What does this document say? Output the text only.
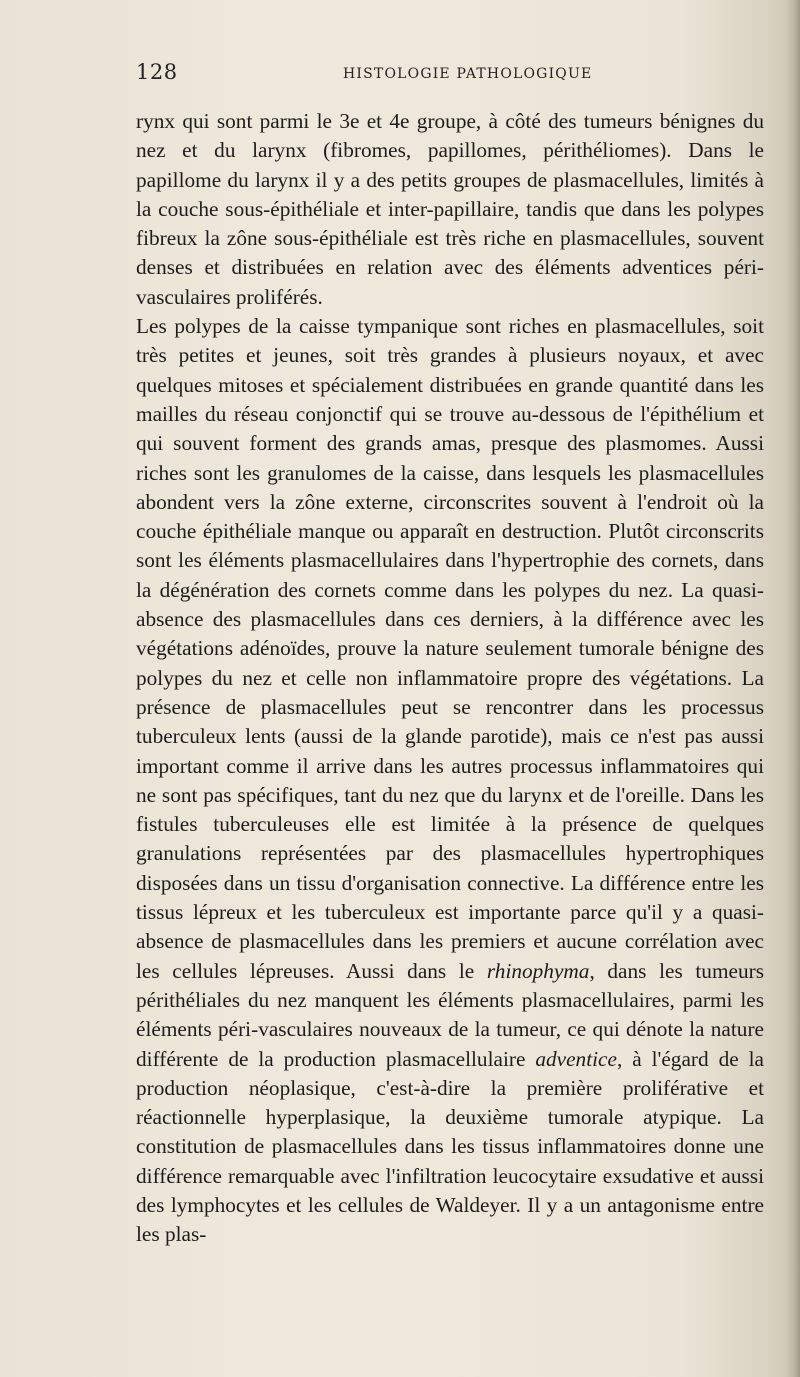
128	HISTOLOGIE PATHOLOGIQUE

rynx qui sont parmi le 3e et 4e groupe, à côté des tumeurs bénignes du nez et du larynx (fibromes, papillomes, périthéliomes). Dans le papillome du larynx il y a des petits groupes de plasmacellules, limités à la couche sous-épithéliale et inter-papillaire, tandis que dans les polypes fibreux la zône sous-épithéliale est très riche en plasmacellules, souvent denses et distribuées en relation avec des éléments adventices péri-vasculaires proliférés.

Les polypes de la caisse tympanique sont riches en plasmacellules, soit très petites et jeunes, soit très grandes à plusieurs noyaux, et avec quelques mitoses et spécialement distribuées en grande quantité dans les mailles du réseau conjonctif qui se trouve au-dessous de l'épithélium et qui souvent forment des grands amas, presque des plasmomes. Aussi riches sont les granulomes de la caisse, dans lesquels les plasmacellules abondent vers la zône externe, circonscrites souvent à l'endroit où la couche épithéliale manque ou apparaît en destruction. Plutôt circonscrits sont les éléments plasmacellulaires dans l'hypertrophie des cornets, dans la dégénération des cornets comme dans les polypes du nez. La quasi-absence des plasmacellules dans ces derniers, à la différence avec les végétations adénoïdes, prouve la nature seulement tumorale bénigne des polypes du nez et celle non inflammatoire propre des végétations. La présence de plasmacellules peut se rencontrer dans les processus tuberculeux lents (aussi de la glande parotide), mais ce n'est pas aussi important comme il arrive dans les autres processus inflammatoires qui ne sont pas spécifiques, tant du nez que du larynx et de l'oreille. Dans les fistules tuberculeuses elle est limitée à la présence de quelques granulations représentées par des plasmacellules hypertrophiques disposées dans un tissu d'organisation connective. La différence entre les tissus lépreux et les tuberculeux est importante parce qu'il y a quasi-absence de plasmacellules dans les premiers et aucune corrélation avec les cellules lépreuses. Aussi dans le rhinophyma, dans les tumeurs périthéliales du nez manquent les éléments plasmacellulaires, parmi les éléments péri-vasculaires nouveaux de la tumeur, ce qui dénote la nature différente de la production plasmacellulaire adventice, à l'égard de la production néoplasique, c'est-à-dire la première proliférative et réactionnelle hyperplasique, la deuxième tumorale atypique. La constitution de plasmacellules dans les tissus inflammatoires donne une différence remarquable avec l'infiltration leucocytaire exsudative et aussi des lymphocytes et les cellules de Waldeyer. Il y a un antagonisme entre les plas-
